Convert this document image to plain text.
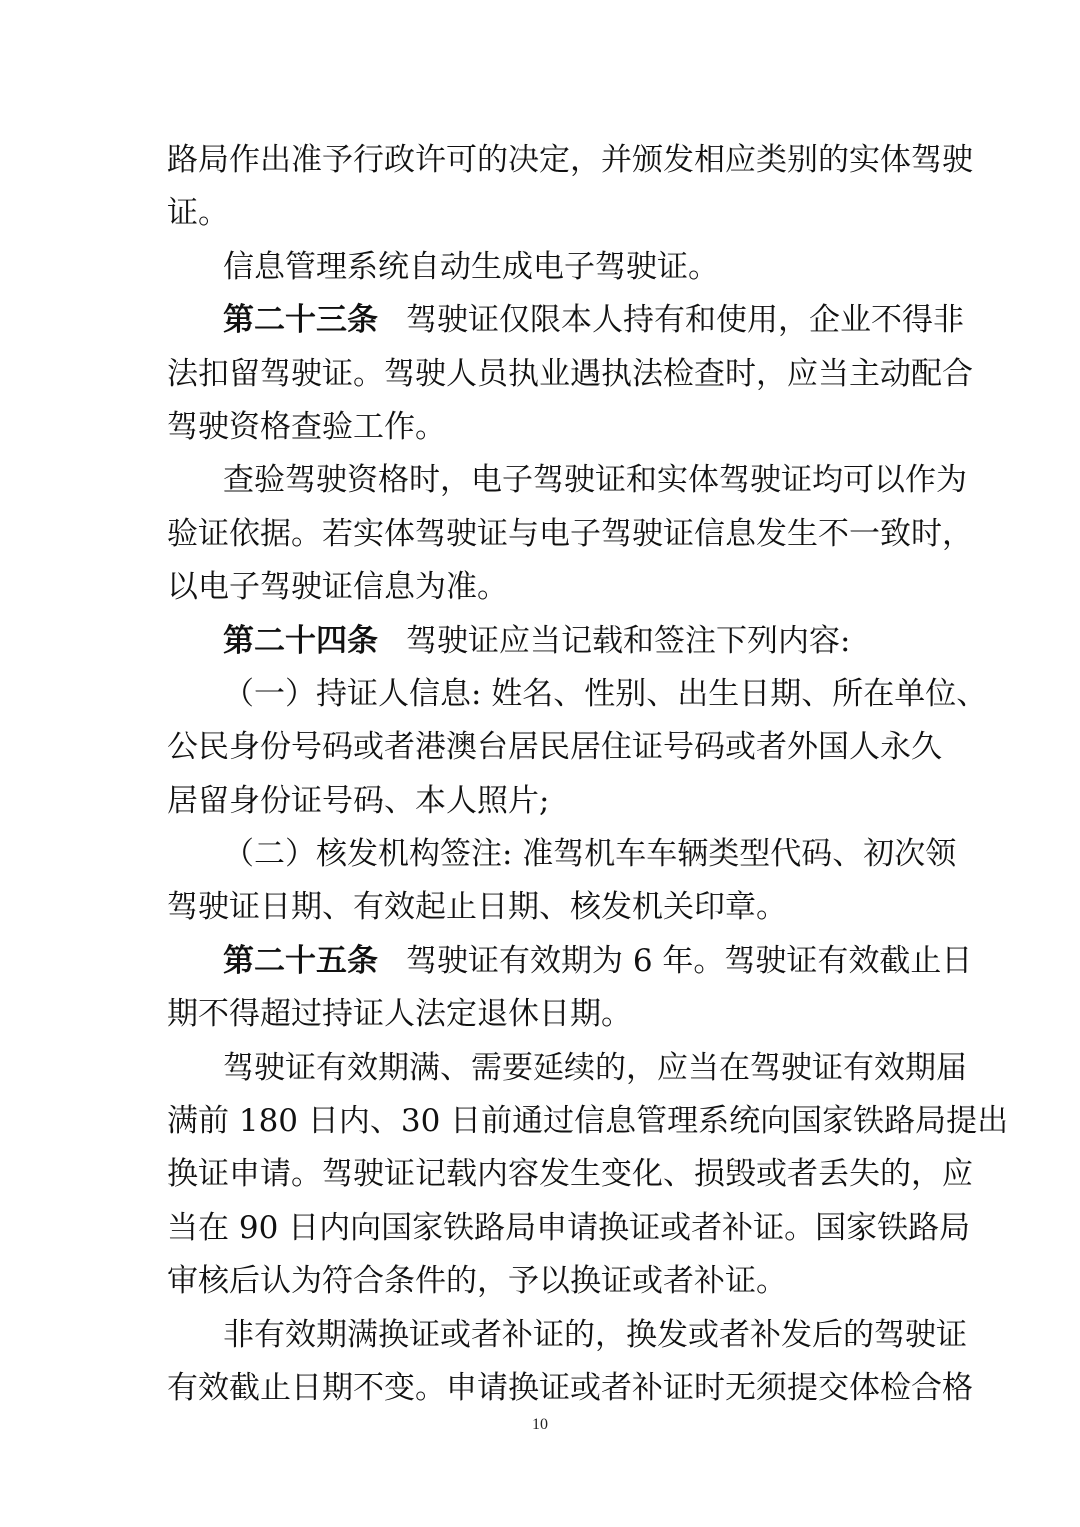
路局作出准予行政许可的决定，并颁发相应类别的实体驾驶
证。
信息管理系统自动生成电子驾驶证。
第二十三条 驾驶证仅限本人持有和使用，企业不得非
法扣留驾驶证。驾驶人员执业遇执法检查时，应当主动配合
驾驶资格查验工作。
查验驾驶资格时，电子驾驶证和实体驾驶证均可以作为
验证依据。若实体驾驶证与电子驾驶证信息发生不一致时，
以电子驾驶证信息为准。
第二十四条 驾驶证应当记载和签注下列内容:
（一）持证人信息: 姓名、性别、出生日期、所在单位、
公民身份号码或者港澳台居民居住证号码或者外国人永久
居留身份证号码、本人照片;
（二）核发机构签注: 准驾机车车辆类型代码、初次领
驾驶证日期、有效起止日期、核发机关印章。
第二十五条 驾驶证有效期为 6 年。驾驶证有效截止日
期不得超过持证人法定退休日期。
驾驶证有效期满、需要延续的，应当在驾驶证有效期届
满前 180 日内、30 日前通过信息管理系统向国家铁路局提出
换证申请。驾驶证记载内容发生变化、损毁或者丢失的，应
当在 90 日内向国家铁路局申请换证或者补证。国家铁路局
审核后认为符合条件的，予以换证或者补证。
非有效期满换证或者补证的，换发或者补发后的驾驶证
有效截止日期不变。申请换证或者补证时无须提交体检合格
10
